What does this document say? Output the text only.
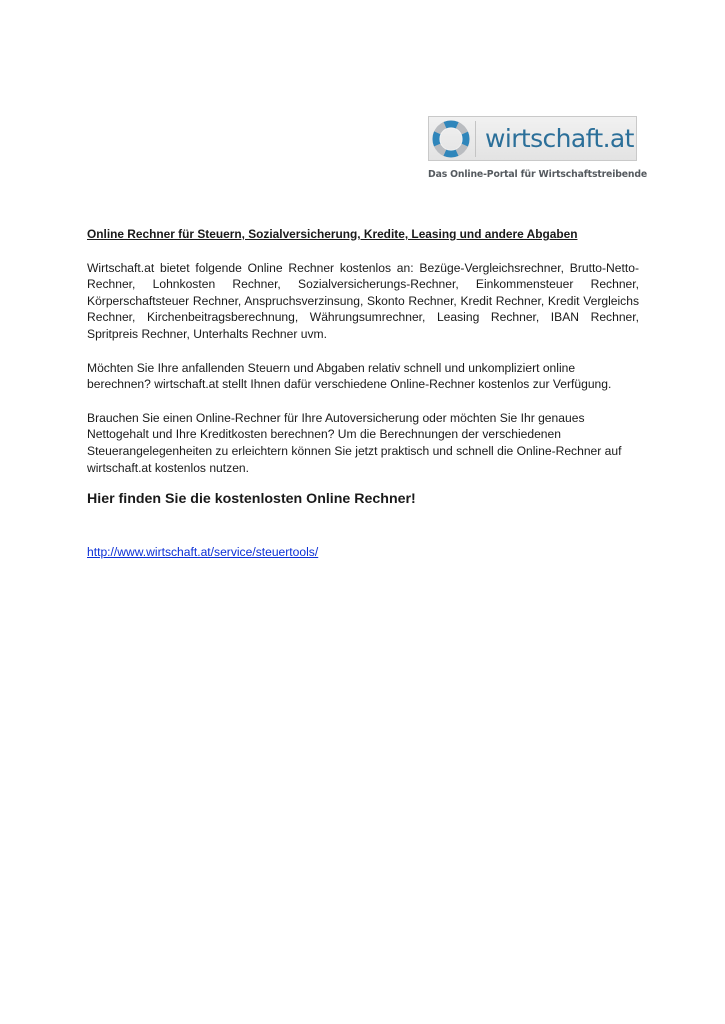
wirtschaft.at
Das Online-Portal für Wirtschaftstreibende

Online Rechner für Steuern, Sozialversicherung, Kredite, Leasing und andere Abgaben

Wirtschaft.at bietet folgende Online Rechner kostenlos an: Bezüge-Vergleichsrechner, Brutto-Netto-Rechner, Lohnkosten Rechner, Sozialversicherungs-Rechner, Einkommensteuer Rechner, Körperschaftsteuer Rechner, Anspruchsverzinsung, Skonto Rechner, Kredit Rechner, Kredit Vergleichs Rechner, Kirchenbeitragsberechnung, Währungsumrechner, Leasing Rechner, IBAN Rechner, Spritpreis Rechner, Unterhalts Rechner uvm.

Möchten Sie Ihre anfallenden Steuern und Abgaben relativ schnell und unkompliziert online
berechnen? wirtschaft.at stellt Ihnen dafür verschiedene Online-Rechner kostenlos zur Verfügung.

Brauchen Sie einen Online-Rechner für Ihre Autoversicherung oder möchten Sie Ihr genaues
Nettogehalt und Ihre Kreditkosten berechnen? Um die Berechnungen der verschiedenen
Steuerangelegenheiten zu erleichtern können Sie jetzt praktisch und schnell die Online-Rechner auf
wirtschaft.at kostenlos nutzen.

Hier finden Sie die kostenlosten Online Rechner!

http://www.wirtschaft.at/service/steuertools/
